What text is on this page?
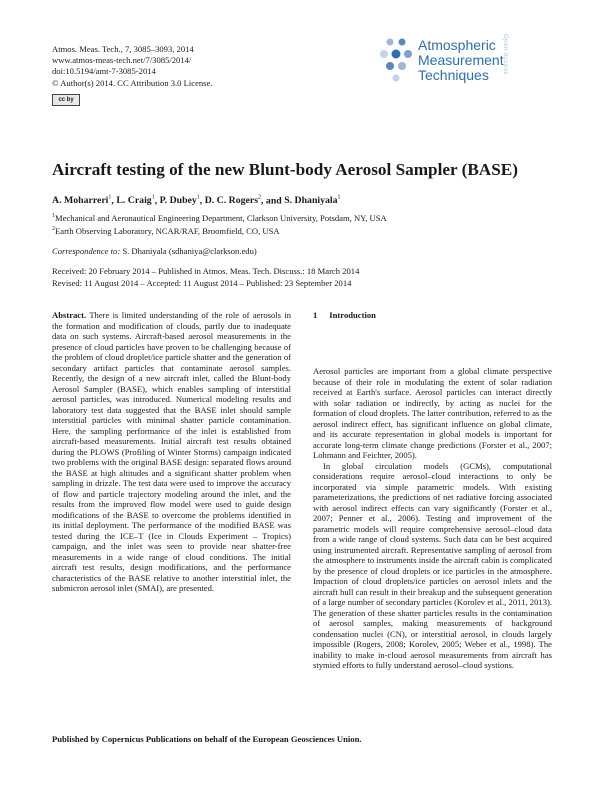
Atmos. Meas. Tech., 7, 3085–3093, 2014
www.atmos-meas-tech.net/7/3085/2014/
doi:10.5194/amt-7-3085-2014
© Author(s) 2014. CC Attribution 3.0 License.
cc by
Atmospheric
Measurement
Techniques
Open Access
Aircraft testing of the new Blunt-body Aerosol Sampler (BASE)
A. Moharreri$^1$, L. Craig$^1$, P. Dubey$^1$, D. C. Rogers$^2$, and S. Dhaniyala$^1$
$^1$Mechanical and Aeronautical Engineering Department, Clarkson University, Potsdam, NY, USA
$^2$Earth Observing Laboratory, NCAR/RAF, Broomfield, CO, USA
Correspondence to: S. Dhaniyala (sdhaniya@clarkson.edu)
Received: 20 February 2014 – Published in Atmos. Meas. Tech. Discuss.: 18 March 2014
Revised: 11 August 2014 – Accepted: 11 August 2014 – Published: 23 September 2014

Abstract. There is limited understanding of the role of aerosols in the formation and modification of clouds, partly due to inadequate data on such systems. Aircraft-based aerosol measurements in the presence of cloud particles have proven to be challenging because of the problem of cloud droplet/ice particle shatter and the generation of secondary artifact particles that contaminate aerosol samples. Recently, the design of a new aircraft inlet, called the Blunt-body Aerosol Sampler (BASE), which enables sampling of interstitial aerosol particles, was introduced. Numerical modeling results and laboratory test data suggested that the BASE inlet should sample interstitial particles with minimal shatter particle contamination. Here, the sampling performance of the inlet is established from aircraft-based measurements. Initial aircraft test results obtained during the PLOWS (Profiling of Winter Storms) campaign indicated two problems with the original BASE design: separated flows around the BASE at high altitudes and a significant shatter problem when sampling in drizzle. The test data were used to improve the accuracy of flow and particle trajectory modeling around the inlet, and the results from the improved flow model were used to guide design modifications of the BASE to overcome the problems identified in its initial deployment. The performance of the modified BASE was tested during the ICE–T (Ice in Clouds Experiment – Tropics) campaign, and the inlet was seen to provide near shatter-free measurements in a wide range of cloud conditions. The initial aircraft test results, design modifications, and the performance characteristics of the BASE relative to another interstitial inlet, the submicron aerosol inlet (SMAI), are presented.

1 Introduction

Aerosol particles are important from a global climate perspective because of their role in modulating the extent of solar radiation received at Earth's surface. Aerosol particles can interact directly with solar radiation or indirectly, by acting as nuclei for the formation of cloud droplets. The latter contribution, referred to as the aerosol indirect effect, has significant influence on global climate, and its accurate representation in global models is important for accurate long-term climate change predictions (Forster et al., 2007; Lohmann and Feichter, 2005).

In global circulation models (GCMs), computational considerations require aerosol–cloud interactions to only be incorporated via simple parametric models. With existing parameterizations, the predictions of net radiative forcing associated with aerosol indirect effects can vary significantly (Forster et al., 2007; Penner et al., 2006). Testing and improvement of the parametric models will require comprehensive aerosol–cloud data from a wide range of cloud systems. Such data can be best acquired using instrumented aircraft. Representative sampling of aerosol from the atmosphere to instruments inside the aircraft cabin is complicated by the presence of cloud droplets or ice particles in the atmosphere. Impaction of cloud droplets/ice particles on aerosol inlets and the aircraft hull can result in their breakup and the subsequent generation of a large number of secondary particles (Korolev et al., 2011, 2013). The generation of these shatter particles results in the contamination of aerosol samples, making measurements of background condensation nuclei (CN), or interstitial aerosol, in clouds largely impossible (Rogers, 2008; Korolev, 2005; Weber et al., 1998). The inability to make in-cloud aerosol measurements from aircraft has stymied efforts to fully understand aerosol–cloud systions.

Published by Copernicus Publications on behalf of the European Geosciences Union.
